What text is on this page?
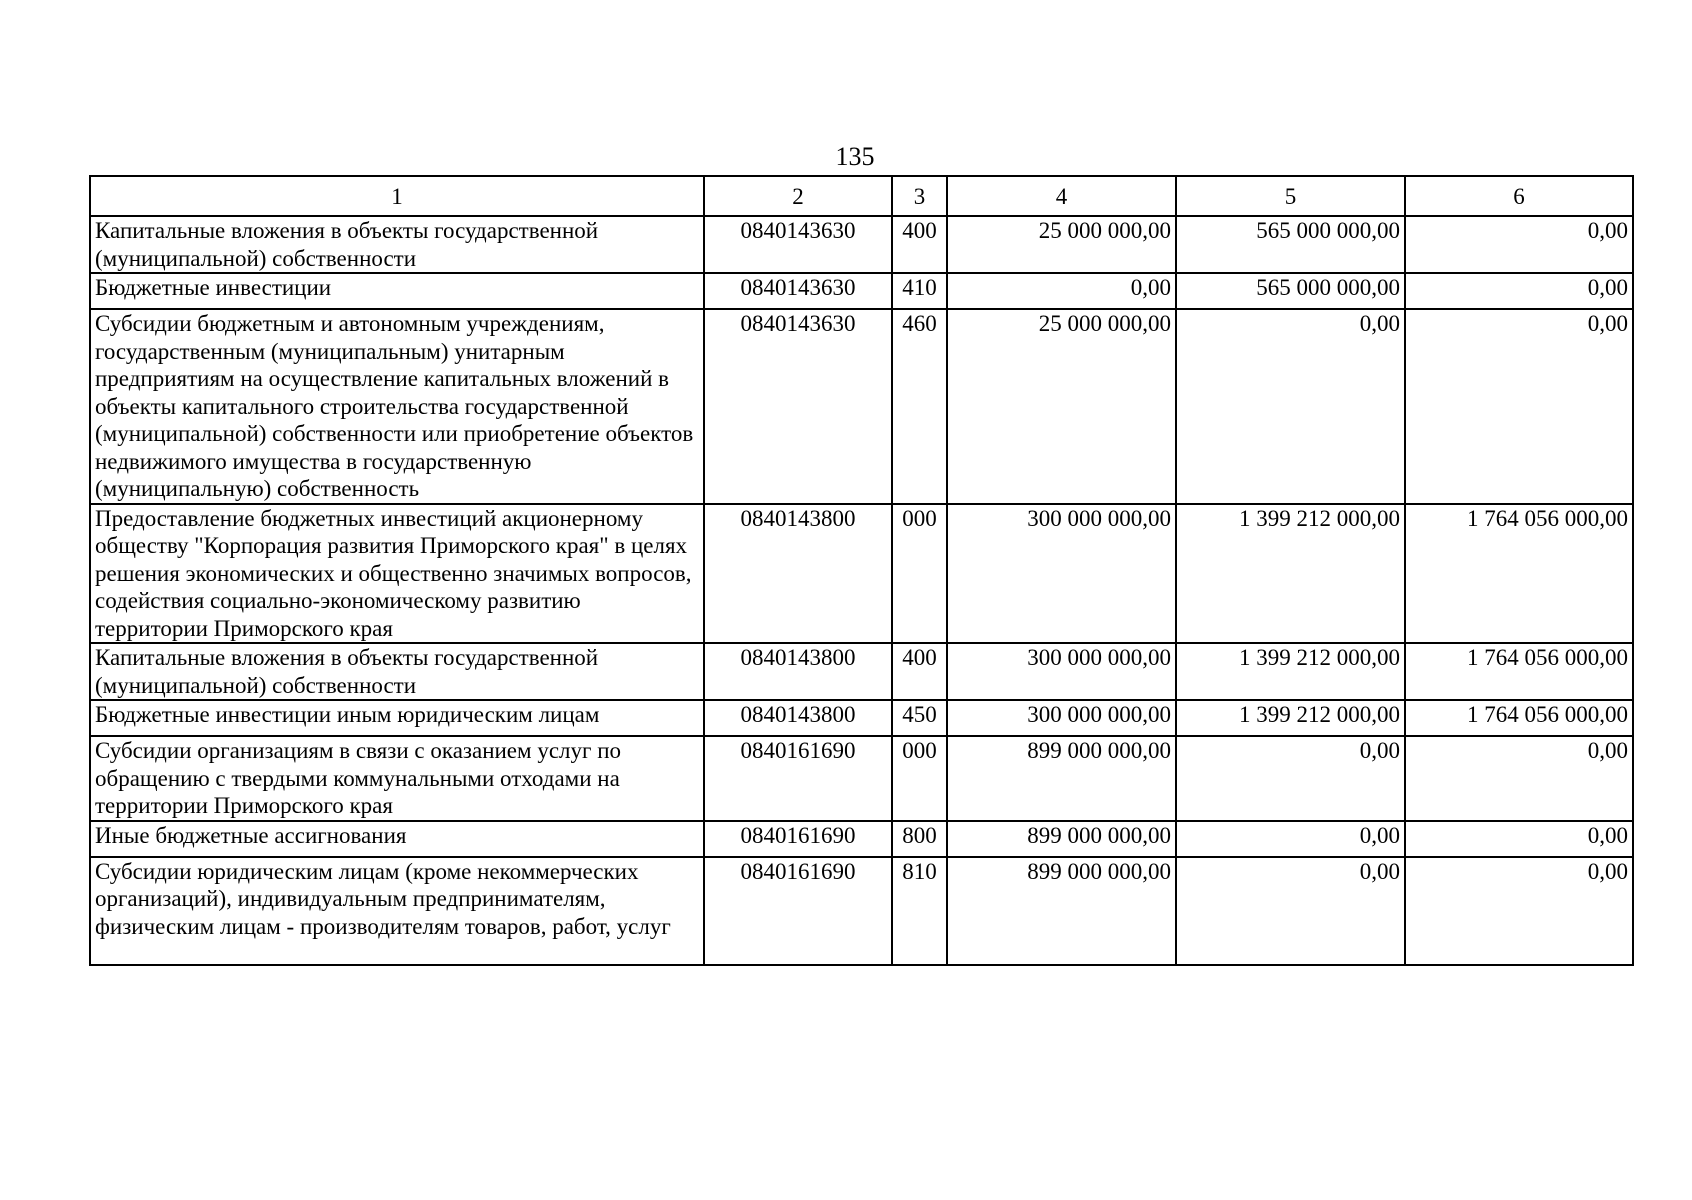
135
1	2	3	4	5	6
Капитальные вложения в объекты государственной (муниципальной) собственности	0840143630	400	25 000 000,00	565 000 000,00	0,00
Бюджетные инвестиции	0840143630	410	0,00	565 000 000,00	0,00
Субсидии бюджетным и автономным учреждениям, государственным (муниципальным) унитарным предприятиям на осуществление капитальных вложений в объекты капитального строительства государственной (муниципальной) собственности или приобретение объектов недвижимого имущества в государственную (муниципальную) собственность	0840143630	460	25 000 000,00	0,00	0,00
Предоставление бюджетных инвестиций акционерному обществу "Корпорация развития Приморского края" в целях решения экономических и общественно значимых вопросов, содействия социально-экономическому развитию территории Приморского края	0840143800	000	300 000 000,00	1 399 212 000,00	1 764 056 000,00
Капитальные вложения в объекты государственной (муниципальной) собственности	0840143800	400	300 000 000,00	1 399 212 000,00	1 764 056 000,00
Бюджетные инвестиции иным юридическим лицам	0840143800	450	300 000 000,00	1 399 212 000,00	1 764 056 000,00
Субсидии организациям в связи с оказанием услуг по обращению с твердыми коммунальными отходами на территории Приморского края	0840161690	000	899 000 000,00	0,00	0,00
Иные бюджетные ассигнования	0840161690	800	899 000 000,00	0,00	0,00
Субсидии юридическим лицам (кроме некоммерческих организаций), индивидуальным предпринимателям, физическим лицам - производителям товаров, работ, услуг	0840161690	810	899 000 000,00	0,00	0,00
